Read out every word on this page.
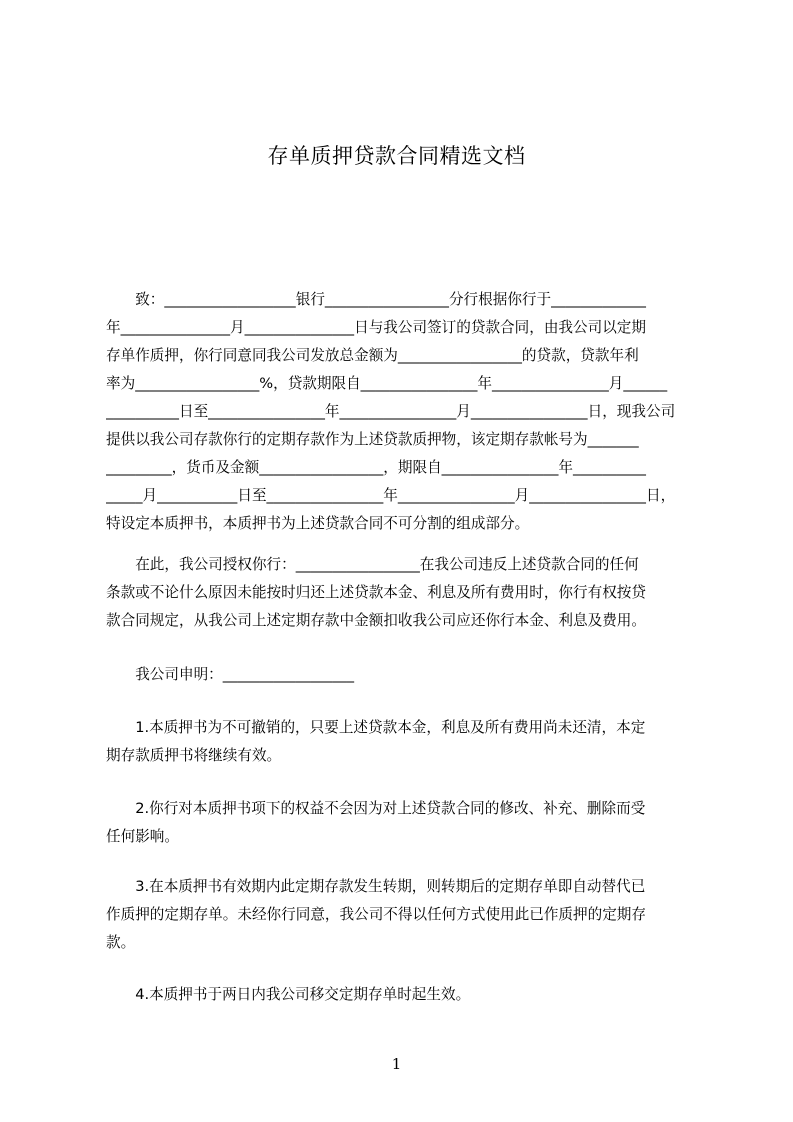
存单质押贷款合同精选文档
　　致：__________________银行_________________分行根据你行于_____________
年_______________月_______________日与我公司签订的贷款合同，由我公司以定期
存单作质押，你行同意同我公司发放总金额为_________________的贷款，贷款年利
率为_________________%，贷款期限自________________年________________月______
__________日至________________年________________月________________日，现我公司
提供以我公司存款你行的定期存款作为上述贷款质押物，该定期存款帐号为_______
_________，货币及金额_________________，期限自________________年__________
_____月___________日至________________年________________月________________日，
特设定本质押书，本质押书为上述贷款合同不可分割的组成部分。
　　在此，我公司授权你行：_________________在我公司违反上述贷款合同的任何
条款或不论什么原因未能按时归还上述贷款本金、利息及所有费用时，你行有权按贷
款合同规定，从我公司上述定期存款中金额扣收我公司应还你行本金、利息及费用。
　　我公司申明：__________________
　　1.本质押书为不可撤销的，只要上述贷款本金，利息及所有费用尚未还清，本定
期存款质押书将继续有效。
　　2.你行对本质押书项下的权益不会因为对上述贷款合同的修改、补充、删除而受
任何影响。
　　3.在本质押书有效期内此定期存款发生转期，则转期后的定期存单即自动替代已
作质押的定期存单。未经你行同意，我公司不得以任何方式使用此已作质押的定期存
款。
　　4.本质押书于两日内我公司移交定期存单时起生效。
1
